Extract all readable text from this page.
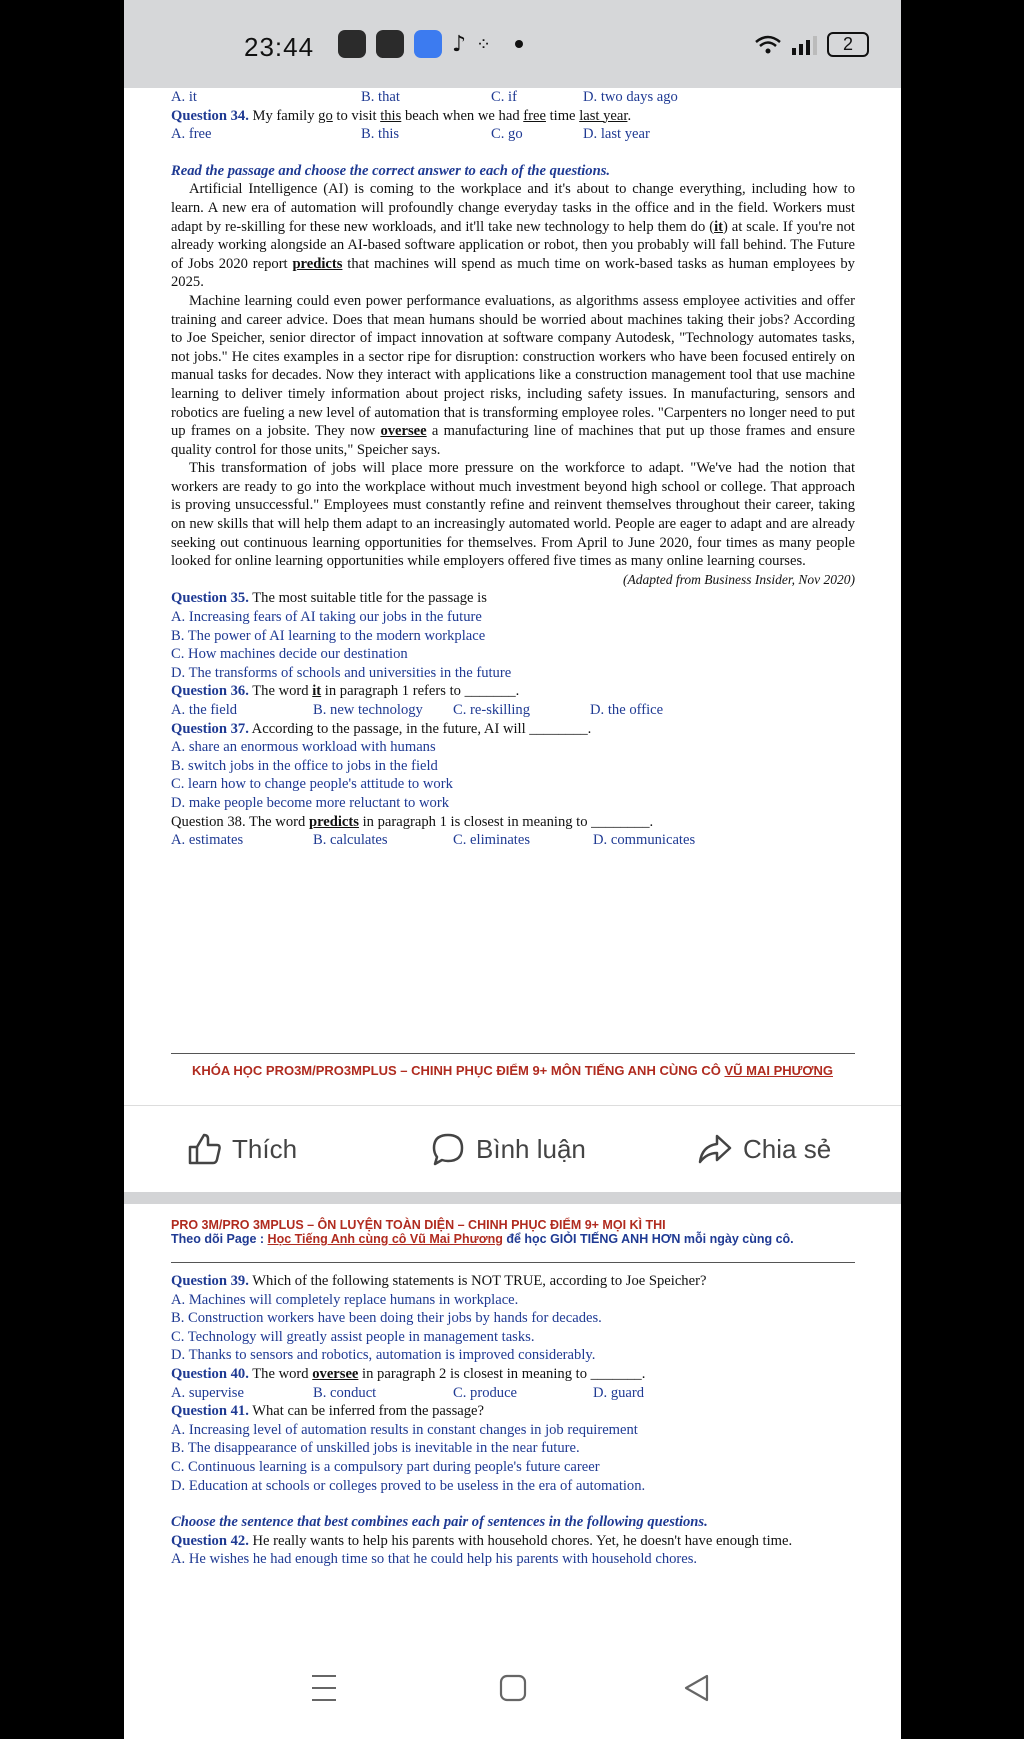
23:44	♪ ⁘	2
A. it	B. that	C. if	D. two days ago
Question 34. My family go to visit this beach when we had free time last year.
A. free	B. this	C. go	D. last year
Read the passage and choose the correct answer to each of the questions.
Artificial Intelligence (AI) is coming to the workplace and it's about to change everything, including how to learn. A new era of automation will profoundly change everyday tasks in the office and in the field. Workers must adapt by re-skilling for these new workloads, and it'll take new technology to help them do (it) at scale. If you're not already working alongside an AI-based software application or robot, then you probably will fall behind. The Future of Jobs 2020 report predicts that machines will spend as much time on work-based tasks as human employees by 2025.
Machine learning could even power performance evaluations, as algorithms assess employee activities and offer training and career advice. Does that mean humans should be worried about machines taking their jobs? According to Joe Speicher, senior director of impact innovation at software company Autodesk, "Technology automates tasks, not jobs." He cites examples in a sector ripe for disruption: construction workers who have been focused entirely on manual tasks for decades. Now they interact with applications like a construction management tool that use machine learning to deliver timely information about project risks, including safety issues. In manufacturing, sensors and robotics are fueling a new level of automation that is transforming employee roles. "Carpenters no longer need to put up frames on a jobsite. They now oversee a manufacturing line of machines that put up those frames and ensure quality control for those units," Speicher says.
This transformation of jobs will place more pressure on the workforce to adapt. "We've had the notion that workers are ready to go into the workplace without much investment beyond high school or college. That approach is proving unsuccessful." Employees must constantly refine and reinvent themselves throughout their career, taking on new skills that will help them adapt to an increasingly automated world. People are eager to adapt and are already seeking out continuous learning opportunities for themselves. From April to June 2020, four times as many people looked for online learning opportunities while employers offered five times as many online learning courses.
(Adapted from Business Insider, Nov 2020)
Question 35. The most suitable title for the passage is
A. Increasing fears of AI taking our jobs in the future
B. The power of AI learning to the modern workplace
C. How machines decide our destination
D. The transforms of schools and universities in the future
Question 36. The word it in paragraph 1 refers to _______.
A. the field	B. new technology	C. re-skilling	D. the office
Question 37. According to the passage, in the future, AI will ________.
A. share an enormous workload with humans
B. switch jobs in the office to jobs in the field
C. learn how to change people's attitude to work
D. make people become more reluctant to work
Question 38. The word predicts in paragraph 1 is closest in meaning to ________.
A. estimates	B. calculates	C. eliminates	D. communicates
KHÓA HỌC PRO3M/PRO3MPLUS – CHINH PHỤC ĐIỂM 9+ MÔN TIẾNG ANH CÙNG CÔ VŨ MAI PHƯƠNG
Thích	Bình luận	Chia sẻ
PRO 3M/PRO 3MPLUS – ÔN LUYỆN TOÀN DIỆN – CHINH PHỤC ĐIỂM 9+ MỌI KÌ THI
Theo dõi Page : Học Tiếng Anh cùng cô Vũ Mai Phương để học GIỎI TIẾNG ANH HƠN mỗi ngày cùng cô.
Question 39. Which of the following statements is NOT TRUE, according to Joe Speicher?
A. Machines will completely replace humans in workplace.
B. Construction workers have been doing their jobs by hands for decades.
C. Technology will greatly assist people in management tasks.
D. Thanks to sensors and robotics, automation is improved considerably.
Question 40. The word oversee in paragraph 2 is closest in meaning to _______.
A. supervise	B. conduct	C. produce	D. guard
Question 41. What can be inferred from the passage?
A. Increasing level of automation results in constant changes in job requirement
B. The disappearance of unskilled jobs is inevitable in the near future.
C. Continuous learning is a compulsory part during people's future career
D. Education at schools or colleges proved to be useless in the era of automation.
Choose the sentence that best combines each pair of sentences in the following questions.
Question 42. He really wants to help his parents with household chores. Yet, he doesn't have enough time.
A. He wishes he had enough time so that he could help his parents with household chores.
